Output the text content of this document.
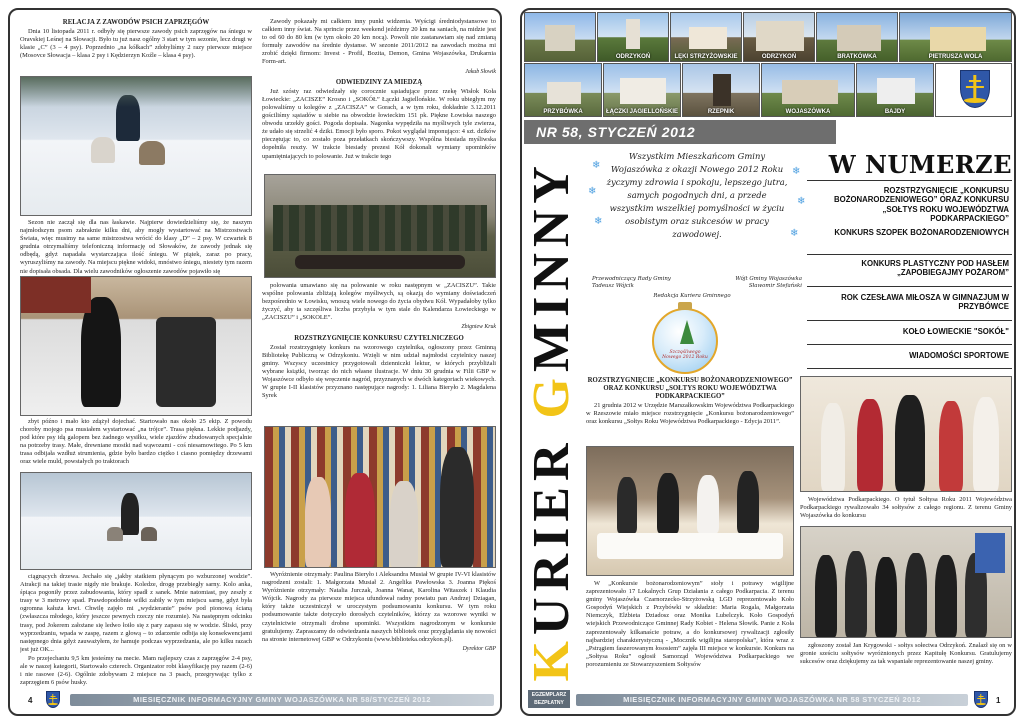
RELACJA Z ZAWODÓW PSICH ZAPRZĘGÓW

Dnia 10 listopada 2011 r. odbyły się pierwsze zawody psich zaprzęgów na śniegu w Oravskiej Leśnej na Słowacji. Było tu już nasz ogólny 3 start w tym sezonie, lecz drugi w klasie „C” (3 – 4 psy). Poprzednio „na kółkach” zdobyliśmy 2 razy pierwsze miejsce (Mosovce Słowacja – klasa 2 psy i Kędzierzyn Koźle – klasa 4 psy).

Sezon nie zaczął się dla nas łaskawie. Najpierw dowiedzieliśmy się, że naszym najmłodszym psom zabraknie kilku dni, aby mogły wystartować na Mistrzostwach Świata, więc musimy na same mistrzostwa wrócić do klasy „D” – 2 psy. W czwartek 8 grudnia otrzymaliśmy telefoniczną informację od Słowaków, że zawody jednak się odbędą, gdyż napadała wystarczająca ilość śniegu. W piątek, zaraz po pracy, wyruszyliśmy na zawody. Na miejscu piękne widoki, mnóstwo śniegu, niestety tym razem nie dopisała obsada. Dla wielu zawodników ogłoszenie zawodów pojawiło się

zbyt późno i mało kto zdążył dojechać. Startowało nas około 25 ekip. Z powodu choroby mojego psa musiałem wystartować „na trójce”. Trasa piękna. Lekkie podjazdy, pod które psy idą galopem bez żadnego wysiłku, wiele zjazdów zbudowanych specjalnie na potrzeby trasy. Małe, drewniane mostki nad wąwozami - coś niesamowitego. Po 5 km trasa odbijała wzdłuż strumienia, gdzie było bardzo ciężko i ciasno pomiędzy drzewami oraz wiele muld, powstałych po traktorach

ciągnących drzewa. Jechało się „jakby statkiem płynącym po wzburzonej wodzie”. Atrakcji na takiej trasie nigdy nie brakuje. Koledze, drogę przebiegły sarny. Kolo anka, śpiąca pogoniły przez zabudowania, który spadł z sanek. Mnie natomiast, psy zeszły z trasy w 3 metrowy spad. Prawdopodobnie wilki zabiły w tym miejscu sarnę, gdyż była ogromna kałuża krwi. Chwilę zajęło mi „wydzieranie” psów pod pionową ścianą (zwłaszcza młodego, który jeszcze pewnych rzeczy nie rozumie). Na następnym odcinku trasy, pod Jokerem założane się ledwo łoiło się z pary zapasu się w wodzie. Śliski, przy wyprzedzaniu, wpada w zaspę, razem z głową – to zdarzenie odbija się konsekwencjami następnego dnia gdyż zauważyłem, że hamuje podczas wyprzedzania, ale po kilku razach jest już OK...

Po przejechaniu 9,5 km jesteśmy na mecie. Mam najlepszy czas z zaprzęgów 2-4 psy, ale w naszej kategorii, Startowało czterech. Organizator robi klasyfikację psy razem (2-6) i nie rasowe (2-6). Ogólnie zdobywam 2 miejsce na 3 psach, przegrywając tylko z zaprzęgiem 6 psów husky.

Zawody pokazały mi całkiem inny punkt widzenia. Wyścigi średniodystansowe to całkiem inny świat. Na sprincie przez weekend jeździmy 20 km na saniach, na midzie jest to od 60 do 80 km (w tym około 20 km nocą). Powoli nie zastanawiam się nad zmianą formuły zawodów na średnie dystanse. W sezonie 2011/2012 na zawodach można mi zrobić dzięki firmom: Invest - Profil, Bozita, Demon, Gmina Wojaszówka, Drukarnia Form-art.

Jakub Słowik

ODWIEDZINY ZA MIEDZĄ

Już szósty raz odwiedzały się corocznie sąsiadujące przez rzekę Wisłok Koła Łowieckie: „ZACISZE” Krosno i „SOKÓŁ” Łączki Jagiellońskie. W roku ubiegłym my polowaliśmy u kolegów z „ZACISZA” w Gorach, a w tym roku, dokładnie 3.12.2011 gościliśmy sąsiadów u siebie na obwodzie łowieckim 151 pk. Piękne Łowiska naszego obwodu urzekły gości. Pogoda dopisała. Nagonka wypędziła na myśliwych tyle zwierza, że udało się strzelić 4 dziki. Emocji było sporo. Pokot wyglądał imponująco: 4 szt. dzików pieczętując to, co zostało poza przełatkach skończywszy. Wspólna biesiada myśliwska dopełniła reszty. W trakcie biesiady prezesi Kół dokonali wymiany upominków upamiętniających to polowanie. Już w trakcie tego

polowania umawiano się na polowanie w roku następnym w „ZACISZU”. Takie wspólne polowania zbliżają kolegów myśliwych, są okazją do wymiany doświadczeń bezpośrednio w Łowisku, wnoszą wiele nowego do życia obydwu Kół. Wypadałoby tylko życzyć, aby ta szczęśliwa liczba przybyła w tym stale do Kalendarza Łowieckiego w „ZACISZU” i „SOKOLE”.

Zbigniew Kruk

ROZSTRZYGNIĘCIE KONKURSU CZYTELNICZEGO

Został rozstrzygnięty konkurs na wzorowego czytelnika, ogłoszony przez Gminną Bibliotekę Publiczną w Odrzykoniu. Wzięli w nim udział najmłodsi czytelnicy naszej gminy. Wszyscy uczestnicy przygotowali dzienniczki lektur, w których przybliżali wybrane książki, tworząc do nich własne ilustracje. W dniu 30 grudnia w Filii GBP w Wojaszówce odbyło się wręczenie nagród, przyznanych w dwóch kategoriach wiekowych. W grupie I-II klasistów przyznano następujące nagrody: 1. Liliana Bieryło 2. Magdalena Syrek

Wyróżnienie otrzymały: Paulina Bieryło i Aleksandra Musiał W grupie IV-VI klasistów nagrodzeni zostali: 1. Małgorzata Musiał 2. Angelika Pawłowska 3. Joanna Piękoś Wyróżnienie otrzymały: Natalia Jurczak, Joanna Wanat, Karolina Witaszek i Klaudia Wójcik. Nagrody za pierwsze miejsca ufundował radny powiatu pan Andrzej Dziagan, który także uczestniczył w uroczystym podsumowaniu konkursu. W tym roku podsumowanie także dotyczyło dorosłych czytelników, którzy za wzorowe wyniki w czytelnictwie otrzymali drobne upominki. Wszystkim nagrodzonym w konkursie gratulujemy. Zapraszamy do odwiedzania naszych bibliotek oraz przyglądania się nowości na stronie internetowej GBP w Odrzykoniu (www.biblioteka.odrzykon.pl).

Dyrektor GBP

4	MIESIĘCZNIK INFORMACYJNY GMINY WOJASZÓWKA NR 58/STYCZEŃ 2012
ODRZYKOŃ	LĘKI STRZYŻOWSKIE	ODRZYKOŃ	BRATKÓWKA	PIETRUSZA WOLA
PRZYBÓWKA	ŁĄCZKI JAGIELLOŃSKIE	RZEPNIK	WOJASZÓWKA	BAJDY
NR 58, STYCZEŃ 2012
KURIER GMINNY ❄
❄
❄
❄
❄
❄
Wszystkim Mieszkańcom Gminy Wojaszówka z okazji Nowego 2012 Roku życzymy zdrowia i spokoju, lepszego jutra, samych pogodnych dni, a przede wszystkim wszelkiej pomyślności w życiu osobistym oraz sukcesów w pracy zawodowej.
Przewodniczący Rady Gminy
Tadeusz Wójcik
Wójt Gminy Wojaszówka
Sławomir Stefański
Redakcja Kuriera Gminnego
Szczęśliwego Nowego 2012 Roku
W NUMERZE
ROZSTRZYGNIĘCIE „KONKURSU BOŻONARODZENIOWEGO” ORAZ KONKURSU „SOŁTYS ROKU WOJEWÓDZTWA PODKARPACKIEGO”
KONKURS SZOPEK BOŻONARODZENIOWYCH
KONKURS PLASTYCZNY POD HASŁEM „ZAPOBIEGAJMY POŻAROM”
ROK CZESŁAWA MIŁOSZA W GIMNAZJUM W PRZYBÓWCE
KOŁO ŁOWIECKIE "SOKÓŁ"
WIADOMOŚCI SPORTOWE

ROZSTRZYGNIĘCIE „KONKURSU BOŻONARODZENIOWEGO” ORAZ KONKURSU „SOŁTYS ROKU WOJEWÓDZTWA PODKARPACKIEGO”

21 grudnia 2012 w Urzędzie Marszałkowskim Województwa Podkarpackiego w Rzeszowie miało miejsce rozstrzygnięcie „Konkursu bożonarodzeniowego” oraz konkursu „Sołtys Roku Województwa Podkarpackiego - Edycja 2011”.

W „Konkursie bożonarodzeniowym” stoły i potrawy wigilijne zaprezentowało 17 Lokalnych Grup Działania z całego Podkarpacia. Z terenu gminy Wojaszówka Czarnorzecko-Strzyżowską LGD reprezentowało Koło Gospodyń Wiejskich z Przybówki w składzie: Maria Rogala, Małgorzata Niemczyk, Elżbieta Dziadosz oraz Monika Lubelczyk. Koło Gospodyń wiejskich Przewodniczące Gminnej Rady Kobiet - Helena Słowik. Panie z Koła zaprezentowały kilkanaście potraw, a do konkursowej rywalizacji zgłosiły najbardziej charakterystyczną - „Mocznik wigilijna staropolska”, która wraz z „Pstrągiem faszerowanym łososiem” zajęła III miejsce w konkursie. Konkurs na „Sołtysa Roku” ogłosił Samorząd Województwa Podkarpackiego we porozumieniu ze Stowarzyszeniem Sołtysów

Województwa Podkarpackiego. O tytuł Sołtysa Roku 2011 Województwa Podkarpackiego rywalizowało 34 sołtysów z całego regionu. Z terenu Gminy Wojaszówka do konkursu

zgłoszony został Jan Krygowski - sołtys sołectwa Odrzykoń. Znalazł się on w gronie sześciu sołtysów wyróżnionych przez Kapitułę Konkursu. Gratulujemy sukcesów oraz dziękujemy za tak wspaniałe reprezentowanie naszej gminy.

EGZEMPLARZ
BEZPŁATNY	MIESIĘCZNIK INFORMACYJNY GMINY WOJASZÓWKA NR 58 STYCZEŃ 2012	1
